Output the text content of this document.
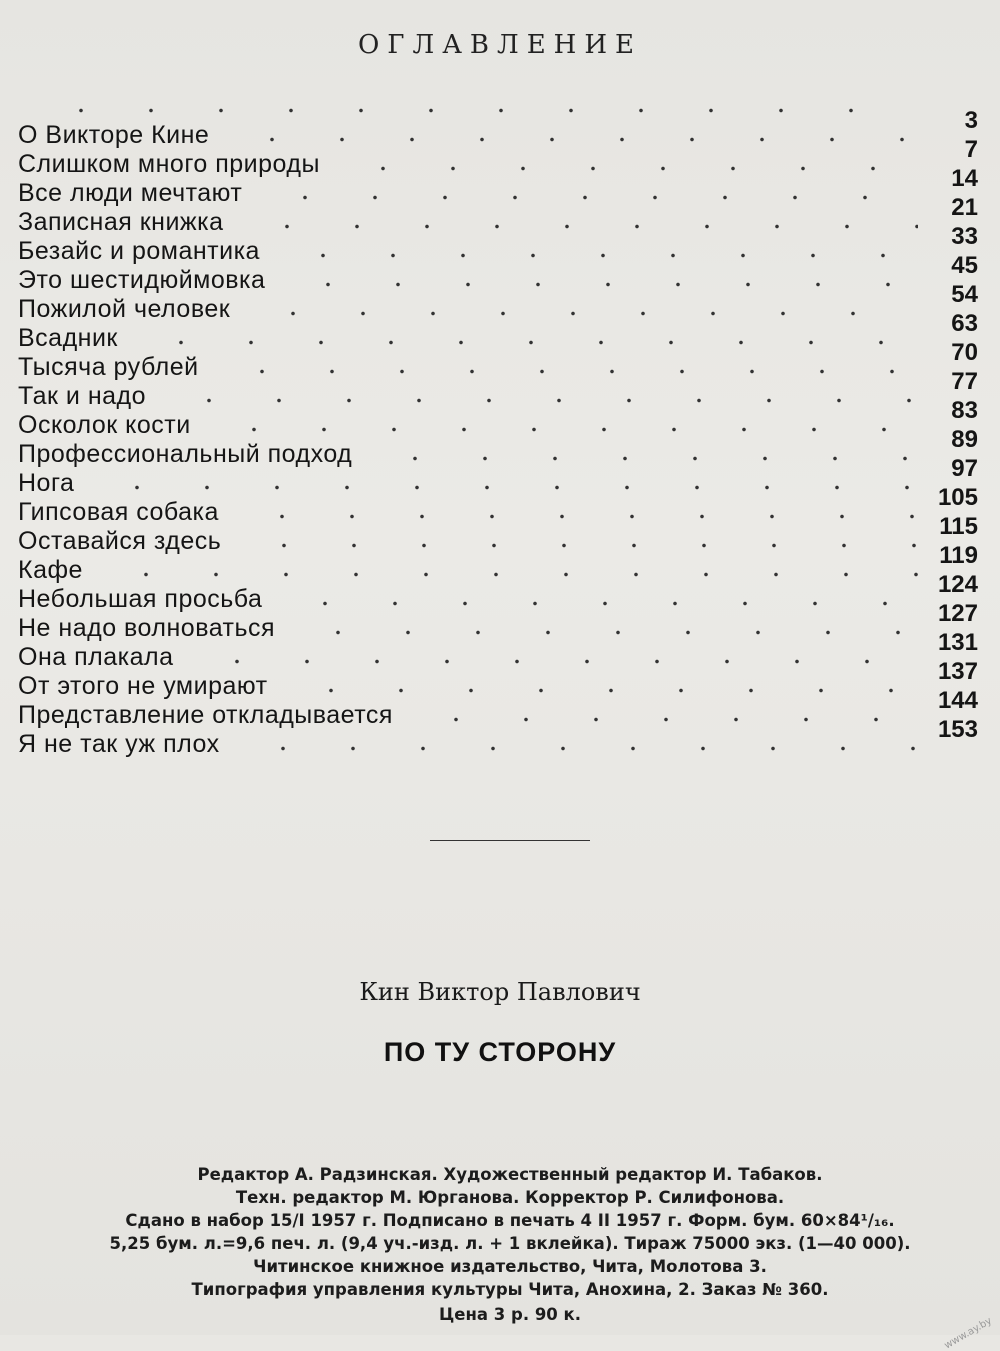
ОГЛАВЛЕНИЕ
3
О Викторе Кине
7
Слишком много природы
14
Все люди мечтают
21
Записная книжка
33
Безайс и романтика
45
Это шестидюймовка
54
Пожилой человек
63
Всадник
70
Тысяча рублей
77
Так и надо
83
Осколок кости
89
Профессиональный подход
97
Нога
105
Гипсовая собака
115
Оставайся здесь
119
Кафе
124
Небольшая просьба
127
Не надо волноваться
131
Она плакала
137
От этого не умирают
144
Представление откладывается
153
Я не так уж плох
Кин Виктор Павлович
ПО ТУ СТОРОНУ
Редактор А. Радзинская. Художественный редактор И. Табаков.
Техн. редактор М. Юрганова. Корректор Р. Силифонова.
Сдано в набор 15/I 1957 г. Подписано в печать 4 II 1957 г. Форм. бум. 60×84¹/₁₆.
5,25 бум. л.=9,6 печ. л. (9,4 уч.-изд. л. + 1 вклейка). Тираж 75000 экз. (1—40 000).
Читинское книжное издательство, Чита, Молотова 3.
Типография управления культуры Чита, Анохина, 2. Заказ № 360.
Цена 3 р. 90 к.
www.ay.by
